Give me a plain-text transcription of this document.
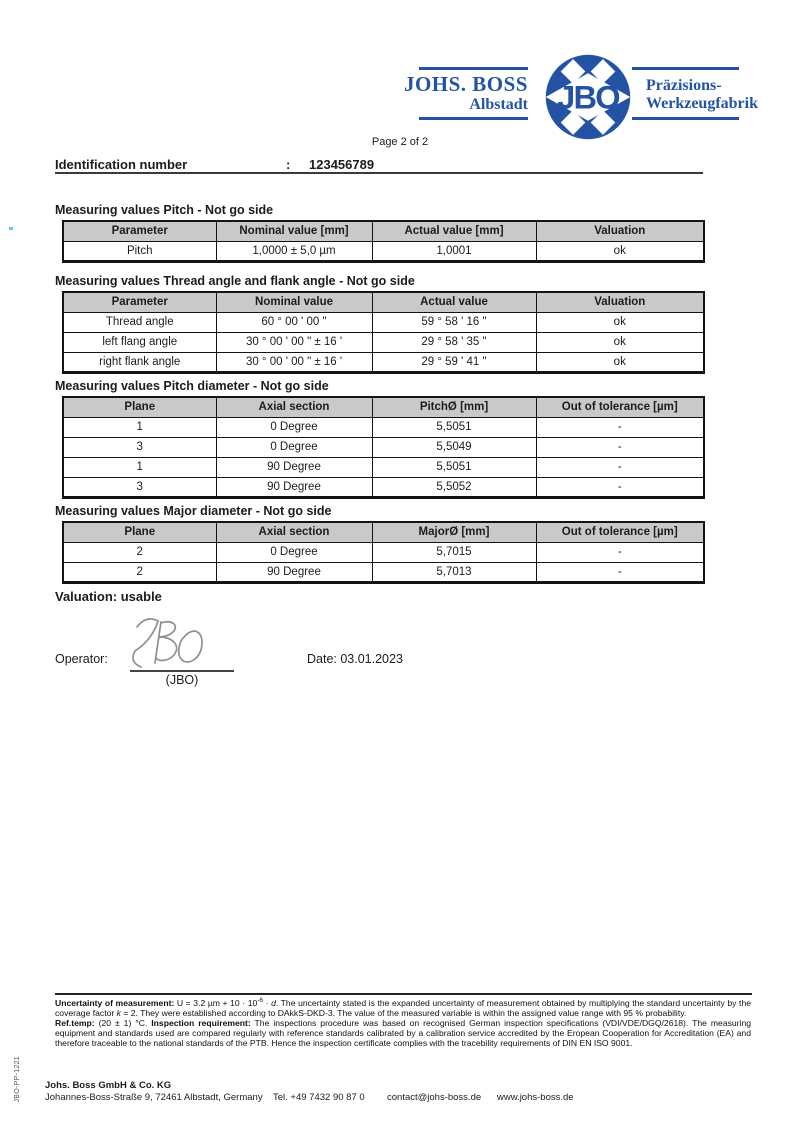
JOHS. BOSS
Albstadt JBO Präzisions-
Werkzeugfabrik
Page 2 of 2
Identification number	: 123456789
Measuring values Pitch - Not go side
Parameter	Nominal value [mm]	Actual value [mm]	Valuation
Pitch	1,0000 ± 5,0 µm	1,0001	ok
Measuring values Thread angle and flank angle - Not go side
Parameter	Nominal value	Actual value	Valuation
Thread angle	60 ° 00 ' 00 "	59 ° 58 ' 16 "	ok
left flang angle	30 ° 00 ' 00 " ± 16 '	29 ° 58 ' 35 "	ok
right flank angle	30 ° 00 ' 00 " ± 16 '	29 ° 59 ' 41 "	ok
Measuring values Pitch diameter - Not go side
Plane	Axial section	PitchØ [mm]	Out of tolerance [µm]
1	0 Degree	5,5051	-
3	0 Degree	5,5049	-
1	90 Degree	5,5051	-
3	90 Degree	5,5052	-
Measuring values Major diameter - Not go side
Plane	Axial section	MajorØ [mm]	Out of tolerance [µm]
2	0 Degree	5,7015	-
2	90 Degree	5,7013	-
Valuation: usable
Operator:
(JBO)
Date: 03.01.2023
Uncertainty of measurement: U = 3.2 $\mu m + 10 \cdot 10^{-6} \cdot d$. The uncertainty stated is the expanded uncertainty of measurement obtained by multiplying the standard uncertainty by the coverage factor k = 2. They were established according to DAkkS-DKD-3. The value of the measured variable is within the assigned value range with 95 % probability.
Ref.temp: (20 ± 1) °C. Inspection requirement: The inspections procedure was based on recognised German inspection specifications (VDI/VDE/DGQ/2618). The measuring equipment and standards used are compared regularly with reference standards calibrated by a calibration service accredited by the Eropean Cooperation for Accreditation (EA) and therefore traceable to the national standards of the PTB. Hence the inspection certificate complies with the tracebility requirements of DIN EN ISO 9001.
Johs. Boss GmbH & Co. KG
Johannes-Boss-Straße 9, 72461 Albstadt, Germany Tel. +49 7432 90 87 0 contact@johs-boss.de www.johs-boss.de
JBO-PP-1221
